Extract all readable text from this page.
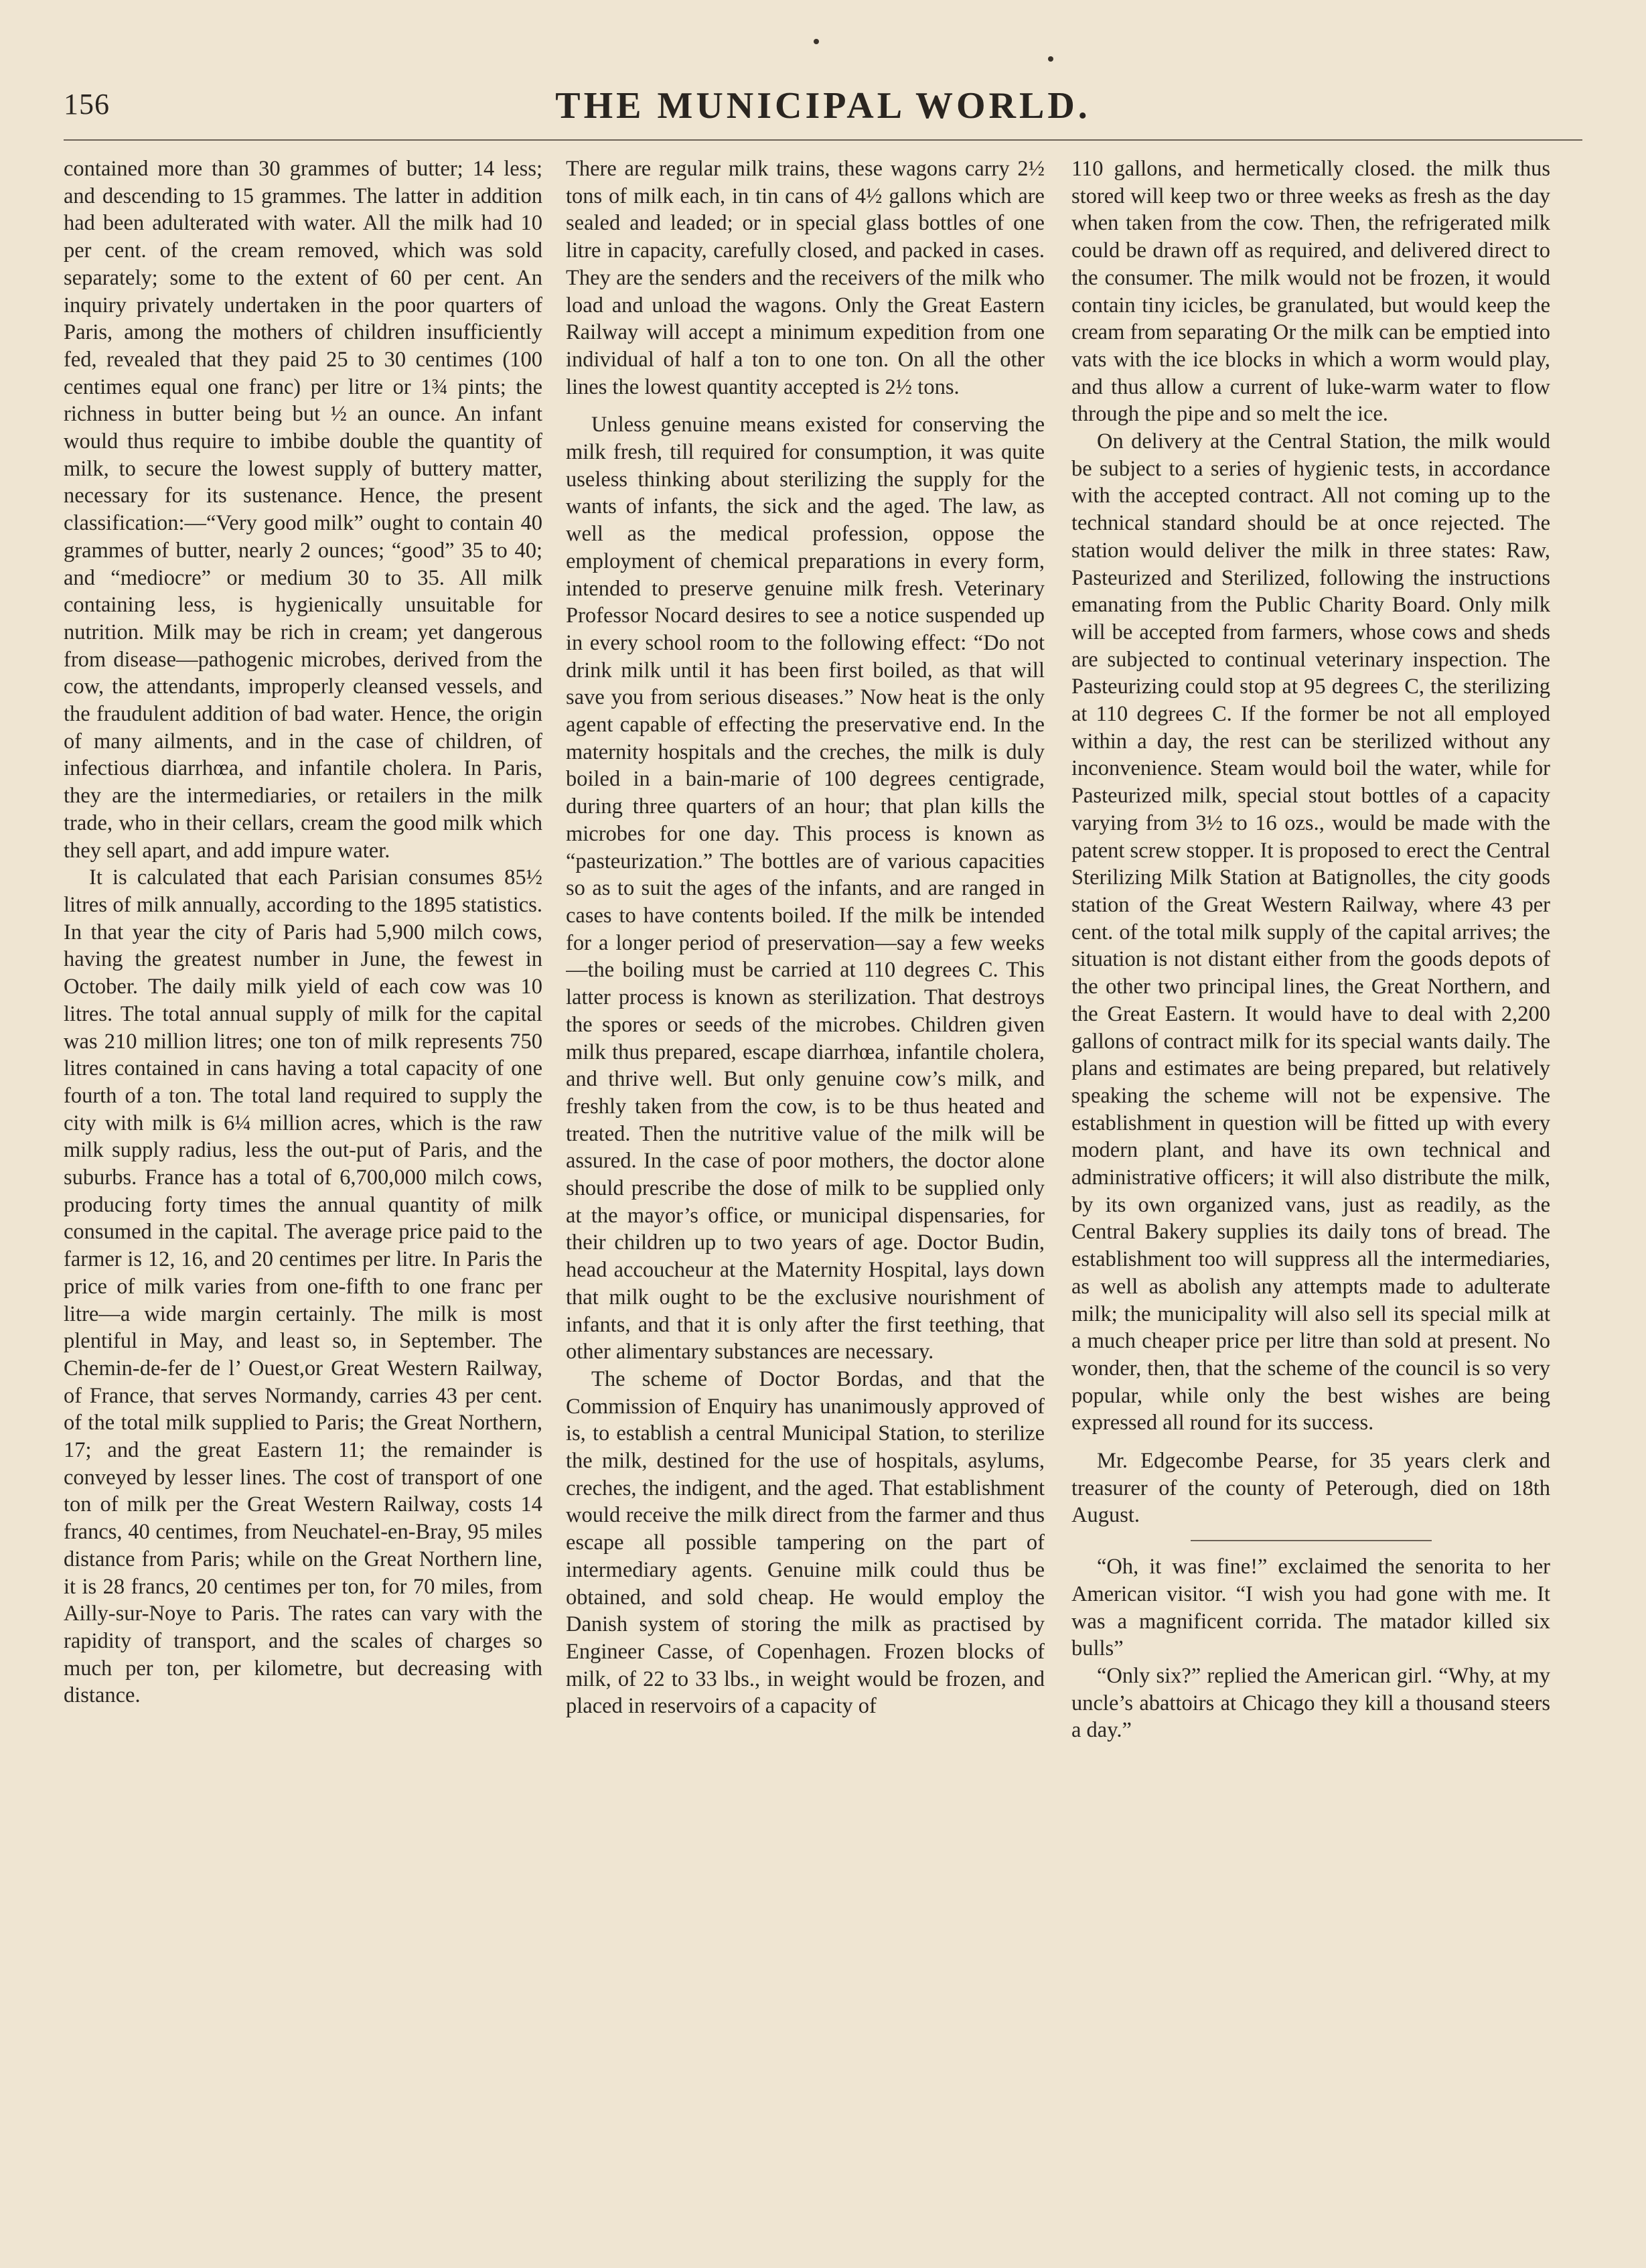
156	THE MUNICIPAL WORLD.

contained more than 30 grammes of butter; 14 less; and descending to 15 grammes. The latter in addition had been adulterated with water. All the milk had 10 per cent. of the cream removed, which was sold separately; some to the extent of 60 per cent. An inquiry privately undertaken in the poor quarters of Paris, among the mothers of children insufficiently fed, revealed that they paid 25 to 30 centimes (100 centimes equal one franc) per litre or 1¾ pints; the richness in butter being but ½ an ounce. An infant would thus require to imbibe double the quantity of milk, to secure the lowest supply of buttery matter, necessary for its sustenance. Hence, the present classification:—“Very good milk” ought to contain 40 grammes of butter, nearly 2 ounces; “good” 35 to 40; and “mediocre” or medium 30 to 35. All milk containing less, is hygienically unsuitable for nutrition. Milk may be rich in cream; yet dangerous from disease—pathogenic microbes, derived from the cow, the attendants, improperly cleansed vessels, and the fraudulent addition of bad water. Hence, the origin of many ailments, and in the case of children, of infectious diarrhœa, and infantile cholera. In Paris, they are the intermediaries, or retailers in the milk trade, who in their cellars, cream the good milk which they sell apart, and add impure water.

It is calculated that each Parisian consumes 85½ litres of milk annually, according to the 1895 statistics. In that year the city of Paris had 5,900 milch cows, having the greatest number in June, the fewest in October. The daily milk yield of each cow was 10 litres. The total annual supply of milk for the capital was 210 million litres; one ton of milk represents 750 litres contained in cans having a total capacity of one fourth of a ton. The total land required to supply the city with milk is 6¼ million acres, which is the raw milk supply radius, less the out-put of Paris, and the suburbs. France has a total of 6,700,000 milch cows, producing forty times the annual quantity of milk consumed in the capital. The average price paid to the farmer is 12, 16, and 20 centimes per litre. In Paris the price of milk varies from one-fifth to one franc per litre—a wide margin certainly. The milk is most plentiful in May, and least so, in September. The Chemin-de-fer de l’ Ouest,or Great Western Railway, of France, that serves Normandy, carries 43 per cent. of the total milk supplied to Paris; the Great Northern, 17; and the great Eastern 11; the remainder is conveyed by lesser lines. The cost of transport of one ton of milk per the Great Western Railway, costs 14 francs, 40 centimes, from Neuchatel-en-Bray, 95 miles distance from Paris; while on the Great Northern line, it is 28 francs, 20 centimes per ton, for 70 miles, from Ailly-sur-Noye to Paris. The rates can vary with the rapidity of transport, and the scales of charges so much per ton, per kilometre, but decreasing with distance.

There are regular milk trains, these wagons carry 2½ tons of milk each, in tin cans of 4½ gallons which are sealed and leaded; or in special glass bottles of one litre in capacity, carefully closed, and packed in cases. They are the senders and the receivers of the milk who load and unload the wagons. Only the Great Eastern Railway will accept a minimum expedition from one individual of half a ton to one ton. On all the other lines the lowest quantity accepted is 2½ tons.

Unless genuine means existed for conserving the milk fresh, till required for consumption, it was quite useless thinking about sterilizing the supply for the wants of infants, the sick and the aged. The law, as well as the medical profession, oppose the employment of chemical preparations in every form, intended to preserve genuine milk fresh. Veterinary Professor Nocard desires to see a notice suspended up in every school room to the following effect: “Do not drink milk until it has been first boiled, as that will save you from serious diseases.” Now heat is the only agent capable of effecting the preservative end. In the maternity hospitals and the creches, the milk is duly boiled in a bain-marie of 100 degrees centigrade, during three quarters of an hour; that plan kills the microbes for one day. This process is known as “pasteurization.” The bottles are of various capacities so as to suit the ages of the infants, and are ranged in cases to have contents boiled. If the milk be intended for a longer period of preservation—say a few weeks—the boiling must be carried at 110 degrees C. This latter process is known as sterilization. That destroys the spores or seeds of the microbes. Children given milk thus prepared, escape diarrhœa, infantile cholera, and thrive well. But only genuine cow’s milk, and freshly taken from the cow, is to be thus heated and treated. Then the nutritive value of the milk will be assured. In the case of poor mothers, the doctor alone should prescribe the dose of milk to be supplied only at the mayor’s office, or municipal dispensaries, for their children up to two years of age. Doctor Budin, head accoucheur at the Maternity Hospital, lays down that milk ought to be the exclusive nourishment of infants, and that it is only after the first teething, that other alimentary substances are necessary.

The scheme of Doctor Bordas, and that the Commission of Enquiry has unanimously approved of is, to establish a central Municipal Station, to sterilize the milk, destined for the use of hospitals, asylums, creches, the indigent, and the aged. That establishment would receive the milk direct from the farmer and thus escape all possible tampering on the part of intermediary agents. Genuine milk could thus be obtained, and sold cheap. He would employ the Danish system of storing the milk as practised by Engineer Casse, of Copenhagen. Frozen blocks of milk, of 22 to 33 lbs., in weight would be frozen, and placed in reservoirs of a capacity of

110 gallons, and hermetically closed. the milk thus stored will keep two or three weeks as fresh as the day when taken from the cow. Then, the refrigerated milk could be drawn off as required, and delivered direct to the consumer. The milk would not be frozen, it would contain tiny icicles, be granulated, but would keep the cream from separating Or the milk can be emptied into vats with the ice blocks in which a worm would play, and thus allow a current of luke-warm water to flow through the pipe and so melt the ice.

On delivery at the Central Station, the milk would be subject to a series of hygienic tests, in accordance with the accepted contract. All not coming up to the technical standard should be at once rejected. The station would deliver the milk in three states: Raw, Pasteurized and Sterilized, following the instructions emanating from the Public Charity Board. Only milk will be accepted from farmers, whose cows and sheds are subjected to continual veterinary inspection. The Pasteurizing could stop at 95 degrees C, the sterilizing at 110 degrees C. If the former be not all employed within a day, the rest can be sterilized without any inconvenience. Steam would boil the water, while for Pasteurized milk, special stout bottles of a capacity varying from 3½ to 16 ozs., would be made with the patent screw stopper. It is proposed to erect the Central Sterilizing Milk Station at Batignolles, the city goods station of the Great Western Railway, where 43 per cent. of the total milk supply of the capital arrives; the situation is not distant either from the goods depots of the other two principal lines, the Great Northern, and the Great Eastern. It would have to deal with 2,200 gallons of contract milk for its special wants daily. The plans and estimates are being prepared, but relatively speaking the scheme will not be expensive. The establishment in question will be fitted up with every modern plant, and have its own technical and administrative officers; it will also distribute the milk, by its own organized vans, just as readily, as the Central Bakery supplies its daily tons of bread. The establishment too will suppress all the intermediaries, as well as abolish any attempts made to adulterate milk; the municipality will also sell its special milk at a much cheaper price per litre than sold at present. No wonder, then, that the scheme of the council is so very popular, while only the best wishes are being expressed all round for its success.

Mr. Edgecombe Pearse, for 35 years clerk and treasurer of the county of Peterough, died on 18th August.

“Oh, it was fine!” exclaimed the senorita to her American visitor. “I wish you had gone with me. It was a magnificent corrida. The matador killed six bulls”

“Only six?” replied the American girl. “Why, at my uncle’s abattoirs at Chicago they kill a thousand steers a day.”
